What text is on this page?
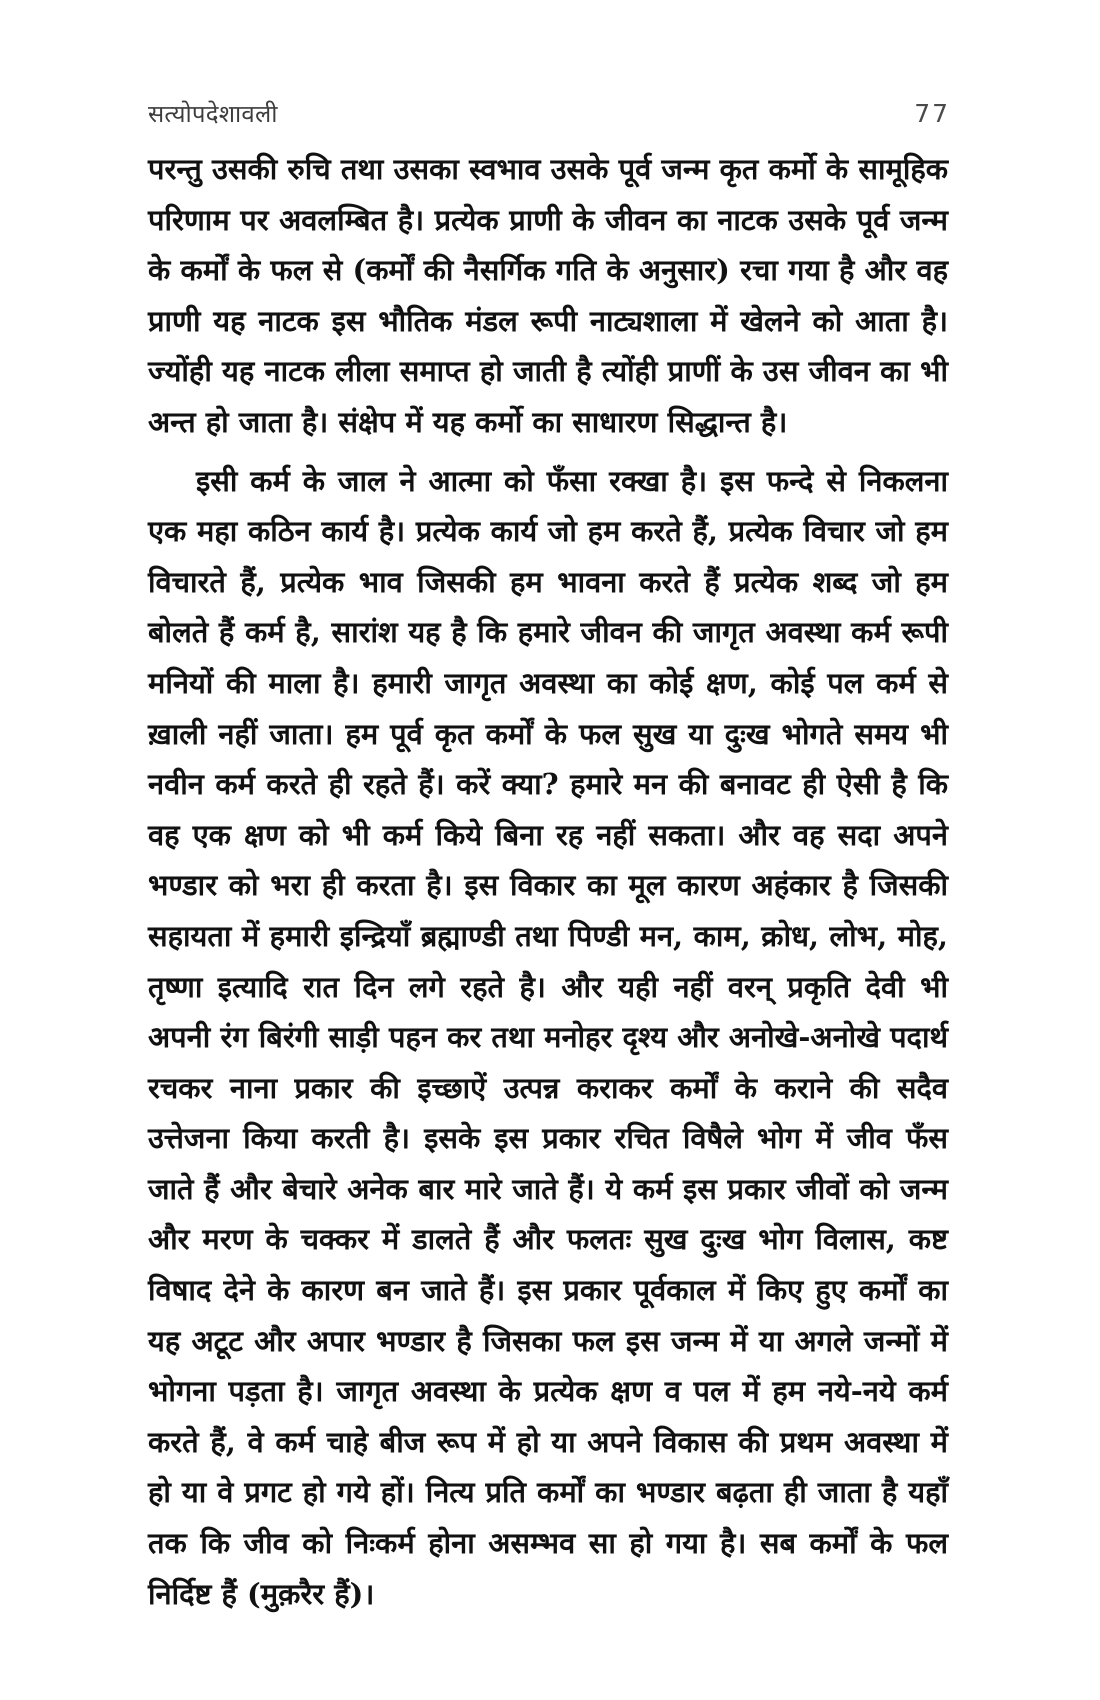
सत्योपदेशावली	77

परन्तु उसकी रुचि तथा उसका स्वभाव उसके पूर्व जन्म कृत कर्मो के सामूहिक परिणाम पर अवलम्बित है। प्रत्येक प्राणी के जीवन का नाटक उसके पूर्व जन्म के कर्मों के फल से (कर्मों की नैसर्गिक गति के अनुसार) रचा गया है और वह प्राणी यह नाटक इस भौतिक मंडल रूपी नाट्यशाला में खेलने को आता है। ज्योंही यह नाटक लीला समाप्त हो जाती है त्योंही प्राणीं के उस जीवन का भी अन्त हो जाता है। संक्षेप में यह कर्मो का साधारण सिद्धान्त है।

इसी कर्म के जाल ने आत्मा को फँसा रक्खा है। इस फन्दे से निकलना एक महा कठिन कार्य है। प्रत्येक कार्य जो हम करते हैं, प्रत्येक विचार जो हम विचारते हैं, प्रत्येक भाव जिसकी हम भावना करते हैं प्रत्येक शब्द जो हम बोलते हैं कर्म है, सारांश यह है कि हमारे जीवन की जागृत अवस्था कर्म रूपी मनियों की माला है। हमारी जागृत अवस्था का कोई क्षण, कोई पल कर्म से ख़ाली नहीं जाता। हम पूर्व कृत कर्मों के फल सुख या दुःख भोगते समय भी नवीन कर्म करते ही रहते हैं। करें क्या? हमारे मन की बनावट ही ऐसी है कि वह एक क्षण को भी कर्म किये बिना रह नहीं सकता। और वह सदा अपने भण्डार को भरा ही करता है। इस विकार का मूल कारण अहंकार है जिसकी सहायता में हमारी इन्द्रियाँ ब्रह्माण्डी तथा पिण्डी मन, काम, क्रोध, लोभ, मोह, तृष्णा इत्यादि रात दिन लगे रहते है। और यही नहीं वरन् प्रकृति देवी भी अपनी रंग बिरंगी साड़ी पहन कर तथा मनोहर दृश्य और अनोखे-अनोखे पदार्थ रचकर नाना प्रकार की इच्छाऐं उत्पन्न कराकर कर्मों के कराने की सदैव उत्तेजना किया करती है। इसके इस प्रकार रचित विषैले भोग में जीव फँस जाते हैं और बेचारे अनेक बार मारे जाते हैं। ये कर्म इस प्रकार जीवों को जन्म और मरण के चक्कर में डालते हैं और फलतः सुख दुःख भोग विलास, कष्ट विषाद देने के कारण बन जाते हैं। इस प्रकार पूर्वकाल में किए हुए कर्मों का यह अटूट और अपार भण्डार है जिसका फल इस जन्म में या अगले जन्मों में भोगना पड़ता है। जागृत अवस्था के प्रत्येक क्षण व पल में हम नये-नये कर्म करते हैं, वे कर्म चाहे बीज रूप में हो या अपने विकास की प्रथम अवस्था में हो या वे प्रगट हो गये हों। नित्य प्रति कर्मों का भण्डार बढ़ता ही जाता है यहाँ तक कि जीव को निःकर्म होना असम्भव सा हो गया है। सब कर्मों के फल निर्दिष्ट हैं (मुक़रैर हैं)।
